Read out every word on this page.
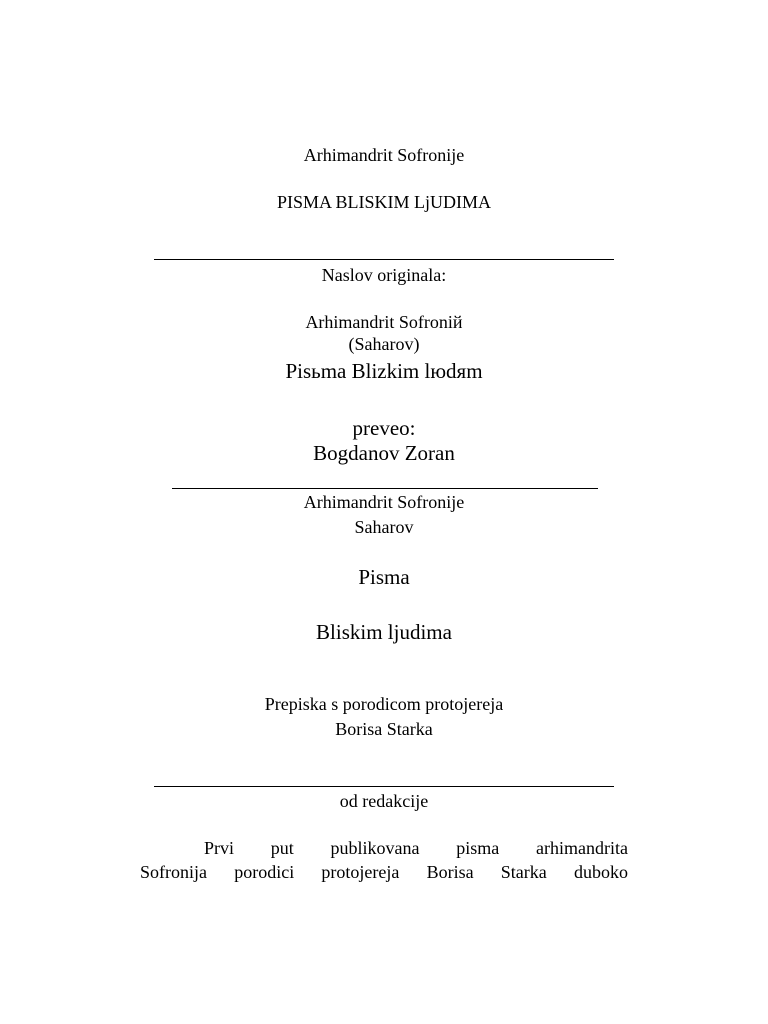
Arhimandrit Sofronije
PISMA BLISKIM LjUDIMA
Naslov originala:
Arhimandrit Sofroniй
(Saharov)
Pisьma Blizkim lюdяm
preveo:
Bogdanov Zoran
Arhimandrit Sofronije
Saharov
Pisma
Bliskim ljudima
Prepiska s porodicom protojereja
Borisa Starka
od redakcije
Prvi put publikovana pisma arhimandrita
Sofronija porodici protojereja Borisa Starka duboko
